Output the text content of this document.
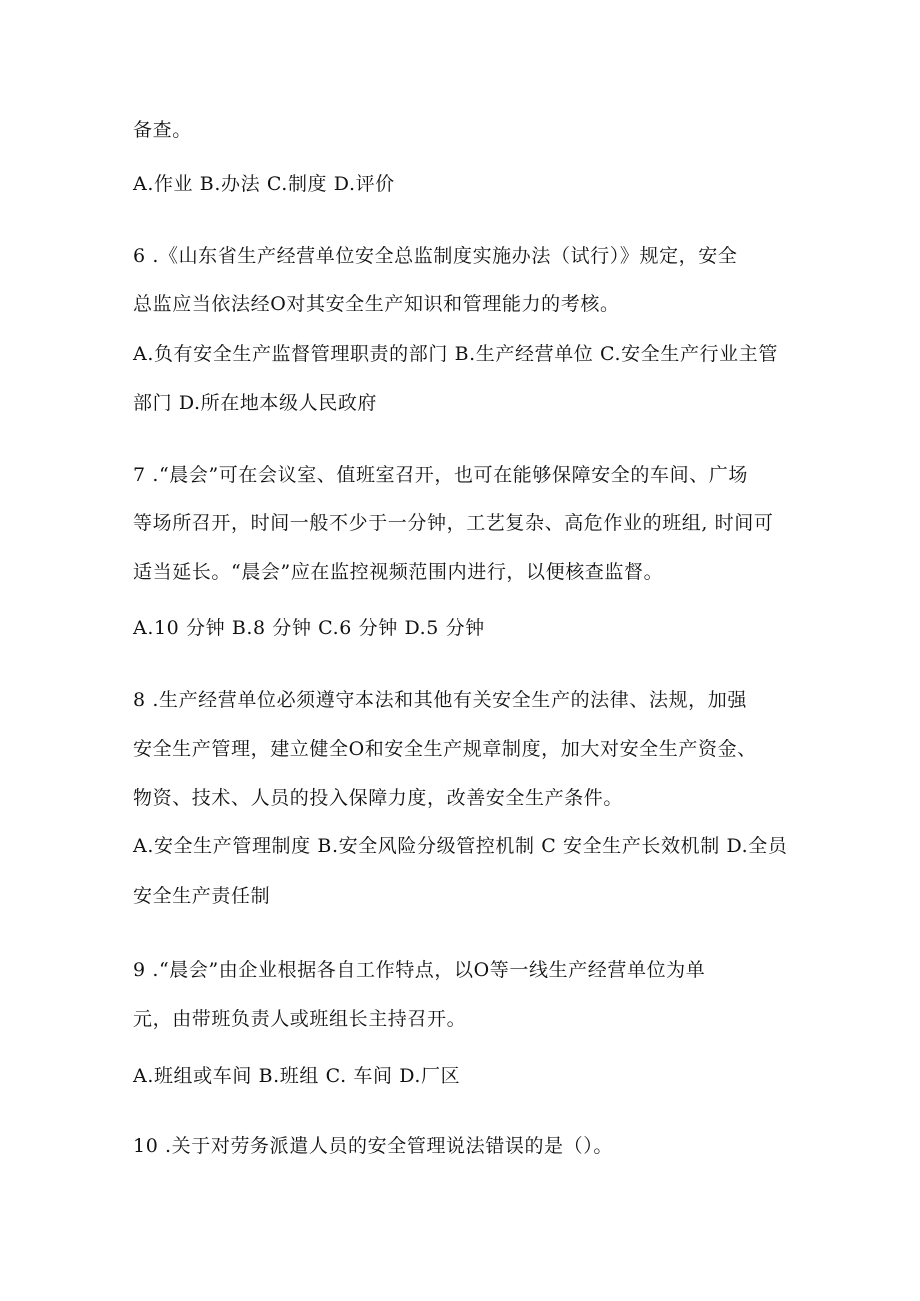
备查。
A.作业 B.办法 C.制度 D.评价
6 .《山东省生产经营单位安全总监制度实施办法（试行）》规定，安全
总监应当依法经O对其安全生产知识和管理能力的考核。
A.负有安全生产监督管理职责的部门 B.生产经营单位 C.安全生产行业主管
部门 D.所在地本级人民政府
7 .“晨会”可在会议室、值班室召开，也可在能够保障安全的车间、广场
等场所召开，时间一般不少于一分钟，工艺复杂、高危作业的班组, 时间可
适当延长。“晨会”应在监控视频范围内进行，以便核查监督。
A.10 分钟 B.8 分钟 C.6 分钟 D.5 分钟
8 .生产经营单位必须遵守本法和其他有关安全生产的法律、法规，加强
安全生产管理，建立健全O和安全生产规章制度，加大对安全生产资金、
物资、技术、人员的投入保障力度，改善安全生产条件。
A.安全生产管理制度 B.安全风险分级管控机制 C 安全生产长效机制 D.全员
安全生产责任制
9 .“晨会”由企业根据各自工作特点，以O等一线生产经营单位为单
元，由带班负责人或班组长主持召开。
A.班组或车间 B.班组 C. 车间 D.厂区
10 .关于对劳务派遣人员的安全管理说法错误的是（）。
